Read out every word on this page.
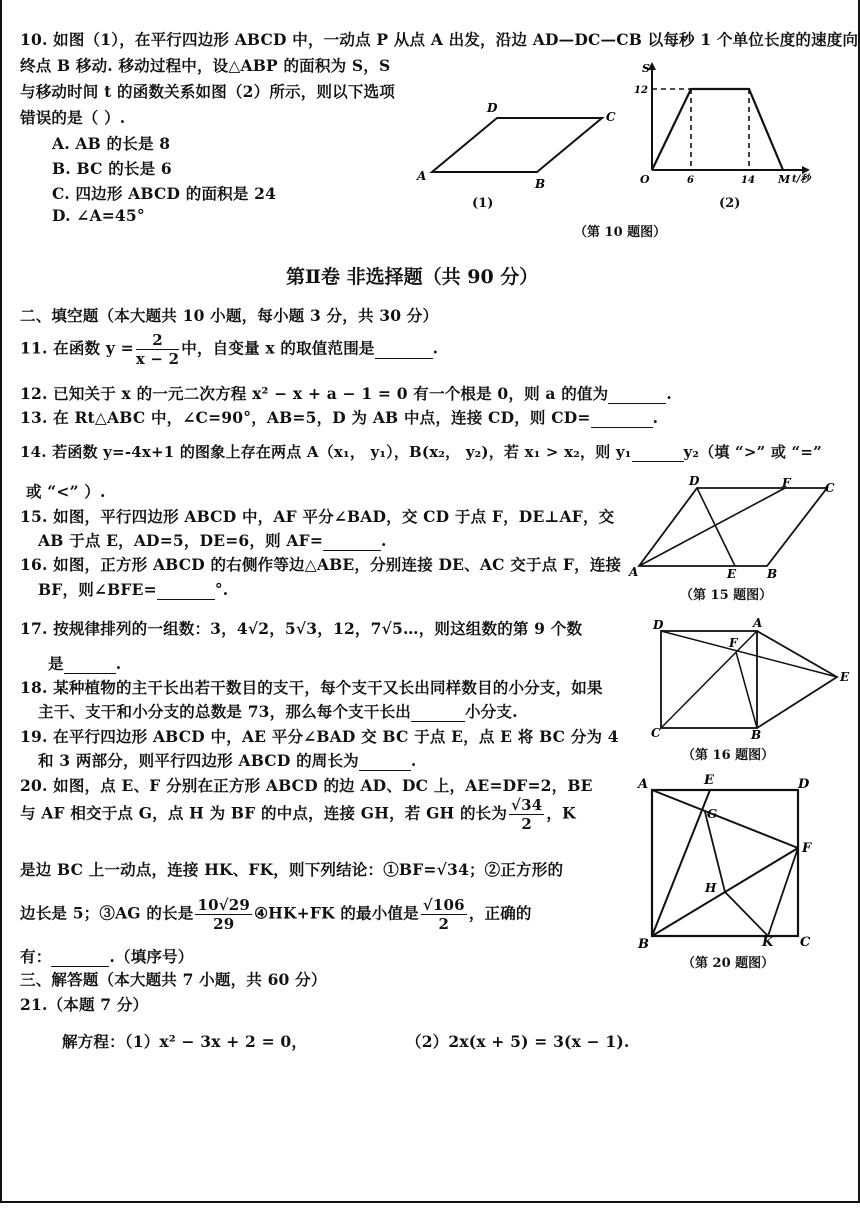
10. 如图（1），在平行四边形 ABCD 中，一动点 P 从点 A 出发，沿边 AD—DC—CB 以每秒 1 个单位长度的速度向
终点 B 移动. 移动过程中，设△ABP 的面积为 S，S
与移动时间 t 的函数关系如图（2）所示，则以下选项
错误的是（ ）.
A. AB 的长是 8
B. BC 的长是 6
C. 四边形 ABCD 的面积是 24
D. ∠A=45°
A
B
C
D
(1)
S
12
O	6	14 M t/秒
(2)
（第 10 题图）
第Ⅱ卷 非选择题（共 90 分）
二、填空题（本大题共 10 小题，每小题 3 分，共 30 分）
11. 在函数 $y = \frac{2}{x - 2}$ 中，自变量 x 的取值范围是	.
12. 已知关于 x 的一元二次方程 x² − x + a − 1 = 0 有一个根是 0，则 a 的值为	.
13. 在 Rt△ABC 中，∠C=90°，AB=5，D 为 AB 中点，连接 CD，则 CD=	.
14. 若函数 y=-4x+1 的图象上存在两点 A（x₁， y₁），B(x₂， y₂)，若 x₁ > x₂，则 y₁	y₂（填 “>” 或 “=”
或 “<” ）.
15. 如图，平行四边形 ABCD 中，AF 平分∠BAD，交 CD 于点 F，DE⊥AF，交
AB 于点 E，AD=5，DE=6，则 AF=	.
A	B
C
D
E
F
（第 15 题图）
16. 如图，正方形 ABCD 的右侧作等边△ABE，分别连接 DE、AC 交于点 F，连接
BF，则∠BFE=	°.
17. 按规律排列的一组数：3，4√2，5√3，12，7√5…，则这组数的第 9 个数
是	.
D	A
C	B
E
F
（第 16 题图）
18. 某种植物的主干长出若干数目的支干，每个支干又长出同样数目的小分支，如果
主干、支干和小分支的总数是 73，那么每个支干长出	小分支.
19. 在平行四边形 ABCD 中，AE 平分∠BAD 交 BC 于点 E，点 E 将 BC 分为 4
和 3 两部分，则平行四边形 ABCD 的周长为	.
20. 如图，点 E、F 分别在正方形 ABCD 的边 AD、DC 上，AE=DF=2，BE
与 AF 相交于点 G，点 H 为 BF 的中点，连接 GH，若 GH 的长为 $\frac{√34}{2}$ ，K
是边 BC 上一动点，连接 HK、FK，则下列结论：①BF=√34；②正方形的
边长是 5；③AG 的长是 $\frac{10√29}{29}$ ④HK+FK 的最小值是 $\frac{√106}{2}$ ，正确的
有：	.（填序号）
A	E	D
F
G
H
B	K C
（第 20 题图）
三、解答题（本大题共 7 小题，共 60 分）
21.（本题 7 分）
解方程：（1）x² − 3x + 2 = 0，	（2）2x(x + 5) = 3(x − 1).
